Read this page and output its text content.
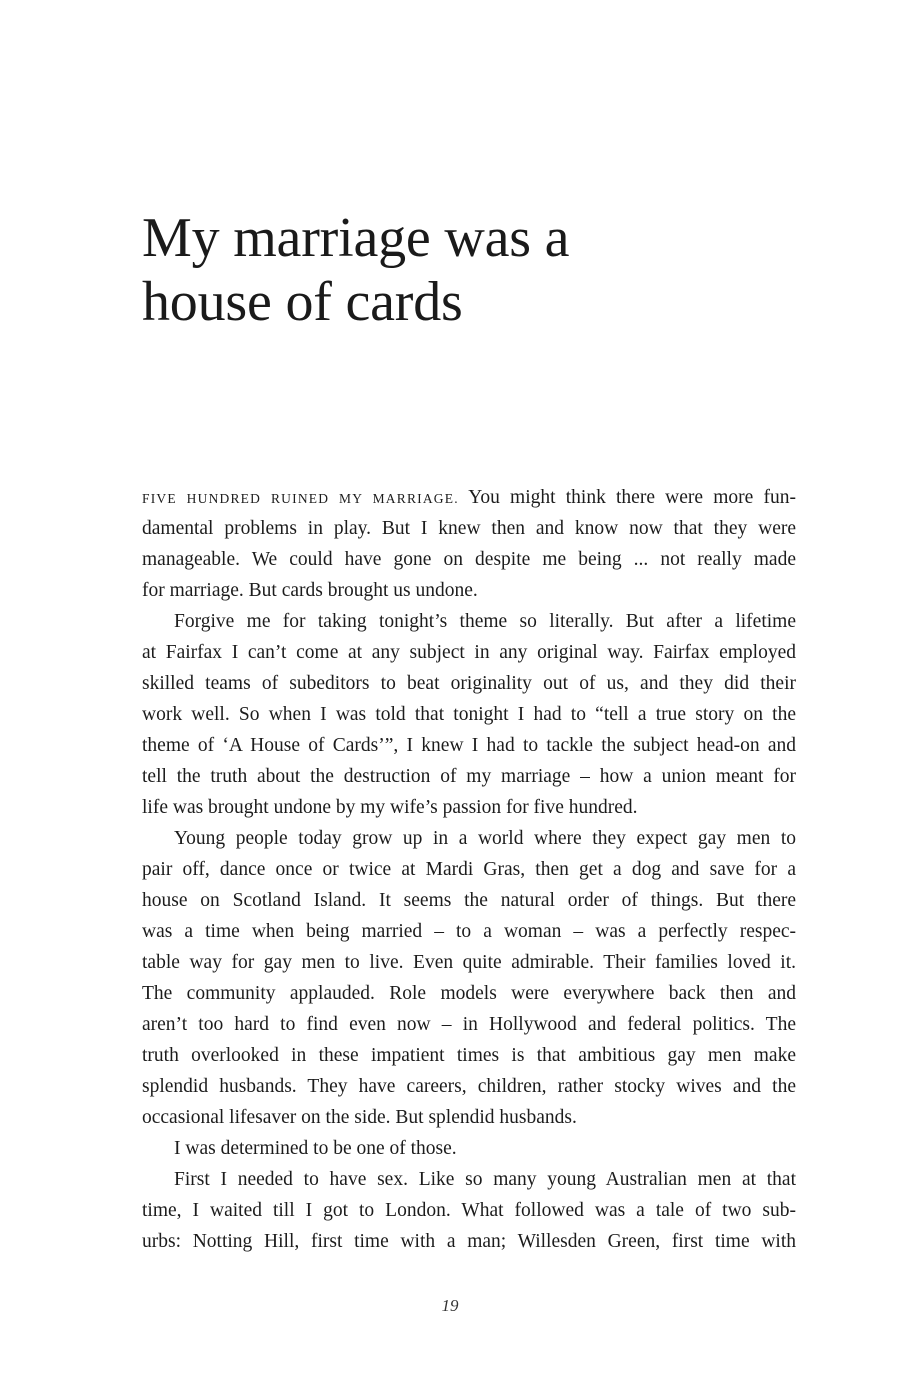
My marriage was a
house of cards
FIVE HUNDRED RUINED MY MARRIAGE. You might think there were more fun-
damental problems in play. But I knew then and know now that they were
manageable. We could have gone on despite me being ... not really made
for marriage. But cards brought us undone.
Forgive me for taking tonight’s theme so literally. But after a lifetime
at Fairfax I can’t come at any subject in any original way. Fairfax employed
skilled teams of subeditors to beat originality out of us, and they did their
work well. So when I was told that tonight I had to “tell a true story on the
theme of ‘A House of Cards’”, I knew I had to tackle the subject head-on and
tell the truth about the destruction of my marriage – how a union meant for
life was brought undone by my wife’s passion for five hundred.
Young people today grow up in a world where they expect gay men to
pair off, dance once or twice at Mardi Gras, then get a dog and save for a
house on Scotland Island. It seems the natural order of things. But there
was a time when being married – to a woman – was a perfectly respec-
table way for gay men to live. Even quite admirable. Their families loved it.
The community applauded. Role models were everywhere back then and
aren’t too hard to find even now – in Hollywood and federal politics. The
truth overlooked in these impatient times is that ambitious gay men make
splendid husbands. They have careers, children, rather stocky wives and the
occasional lifesaver on the side. But splendid husbands.
I was determined to be one of those.
First I needed to have sex. Like so many young Australian men at that
time, I waited till I got to London. What followed was a tale of two sub-
urbs: Notting Hill, first time with a man; Willesden Green, first time with
19
